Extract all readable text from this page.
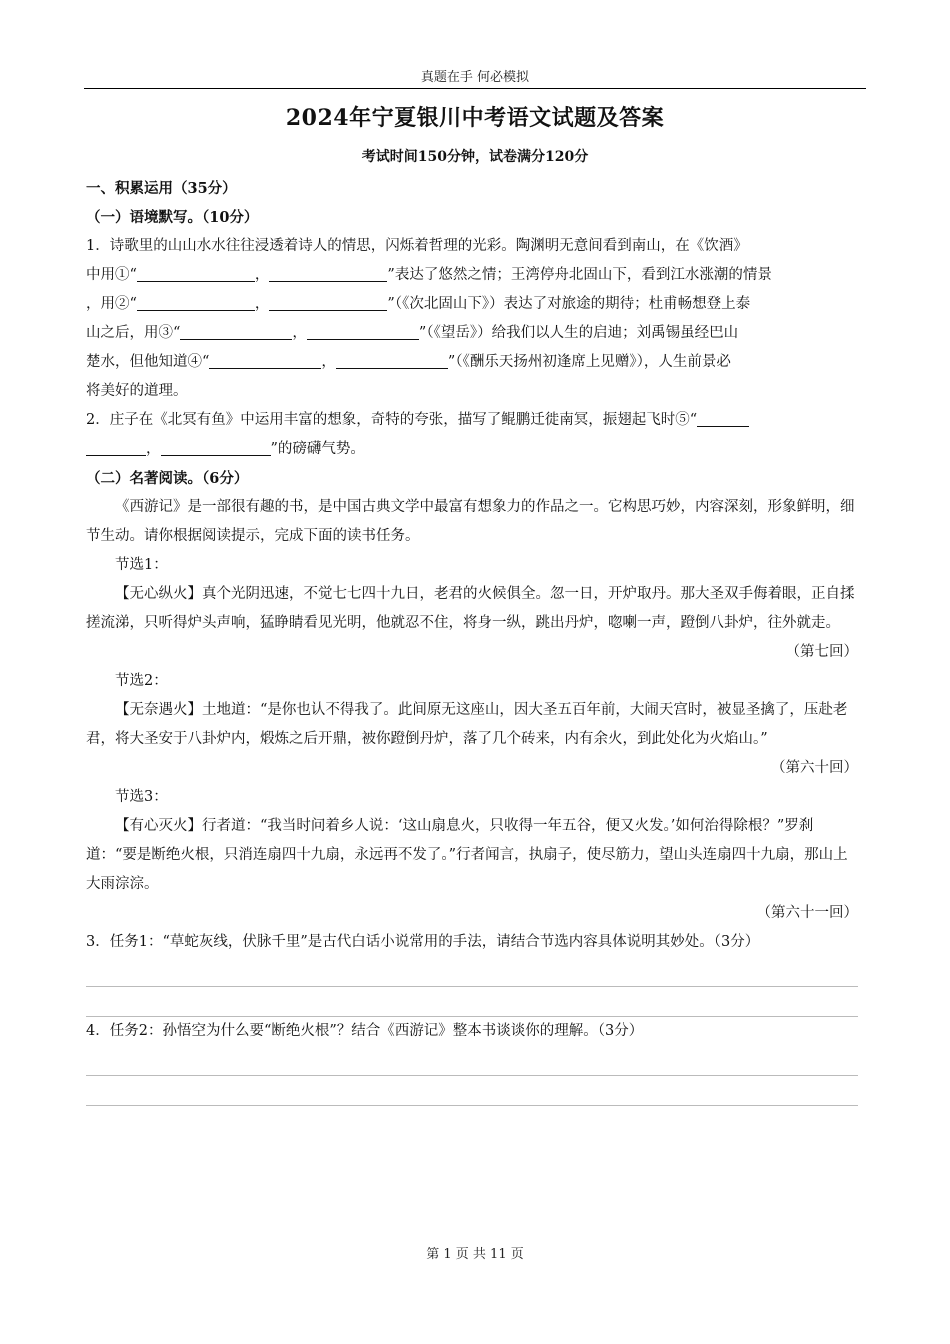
真题在手 何必模拟
2024年宁夏银川中考语文试题及答案
考试时间150分钟，试卷满分120分

一、积累运用（35分）

（一）语境默写。（10分）

1．诗歌里的山山水水往往浸透着诗人的情思，闪烁着哲理的光彩。陶渊明无意间看到南山，在《饮酒》

中用①“	，	”表达了悠然之情；王湾停舟北固山下，看到江水涨潮的情景

，用②“	，	”（《次北固山下》）表达了对旅途的期待；杜甫畅想登上泰

山之后，用③“	，	”（《望岳》）给我们以人生的启迪；刘禹锡虽经巴山

楚水，但他知道④“	，	”（《酬乐天扬州初逢席上见赠》），人生前景必

将美好的道理。

2．庄子在《北冥有鱼》中运用丰富的想象，奇特的夸张，描写了鲲鹏迁徙南冥，振翅起飞时⑤“

，	”的磅礴气势。

（二）名著阅读。（6分）

《西游记》是一部很有趣的书，是中国古典文学中最富有想象力的作品之一。它构思巧妙，内容深刻，形象鲜明，细节生动。请你根据阅读提示，完成下面的读书任务。

节选1：

【无心纵火】真个光阴迅速，不觉七七四十九日，老君的火候俱全。忽一日，开炉取丹。那大圣双手侮着眼，正自揉搓流涕，只听得炉头声响，猛睁睛看见光明，他就忍不住，将身一纵，跳出丹炉，唿喇一声，蹬倒八卦炉，往外就走。

（第七回）

节选2：

【无奈遇火】土地道：“是你也认不得我了。此间原无这座山，因大圣五百年前，大闹天宫时，被显圣擒了，压赴老君，将大圣安于八卦炉内，煅炼之后开鼎，被你蹬倒丹炉，落了几个砖来，内有余火，到此处化为火焰山。”

（第六十回）

节选3：

【有心灭火】行者道：“我当时问着乡人说：‘这山扇息火，只收得一年五谷，便又火发。’如何治得除根？”罗刹道：“要是断绝火根，只消连扇四十九扇，永远再不发了。”行者闻言，执扇子，使尽筋力，望山头连扇四十九扇，那山上大雨淙淙。

（第六十一回）

3．任务1：“草蛇灰线，伏脉千里”是古代白话小说常用的手法，请结合节选内容具体说明其妙处。（3分）

4．任务2：孙悟空为什么要“断绝火根”？结合《西游记》整本书谈谈你的理解。（3分）

第 1 页 共 11 页
